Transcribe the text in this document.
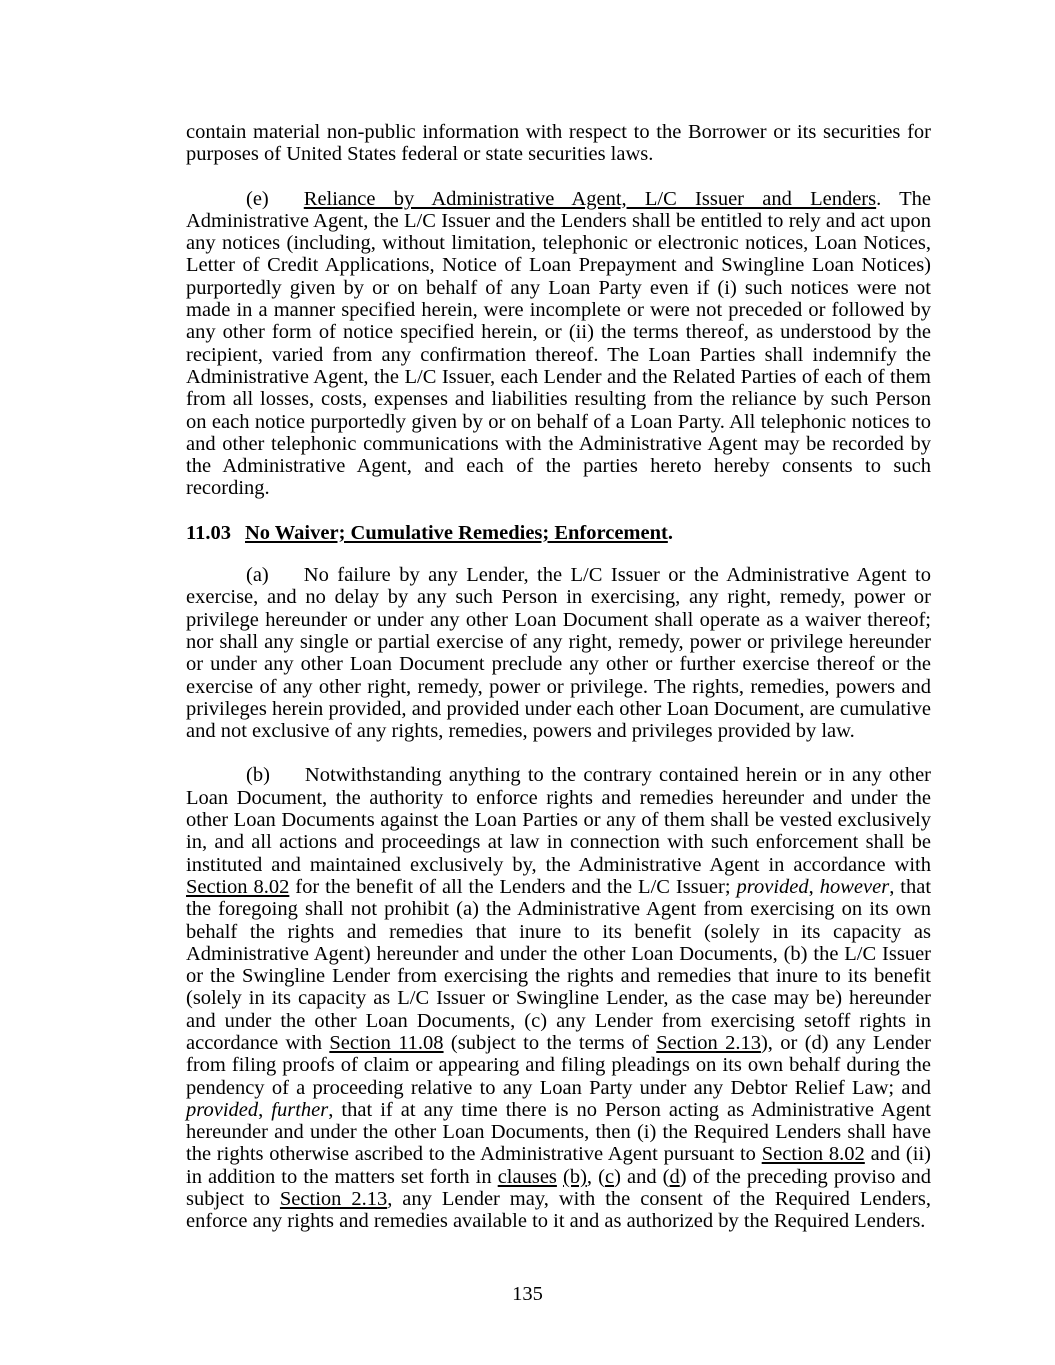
contain material non-public information with respect to the Borrower or its securities for purposes of United States federal or state securities laws.

(e) Reliance by Administrative Agent, L/C Issuer and Lenders. The Administrative Agent, the L/C Issuer and the Lenders shall be entitled to rely and act upon any notices (including, without limitation, telephonic or electronic notices, Loan Notices, Letter of Credit Applications, Notice of Loan Prepayment and Swingline Loan Notices) purportedly given by or on behalf of any Loan Party even if (i) such notices were not made in a manner specified herein, were incomplete or were not preceded or followed by any other form of notice specified herein, or (ii) the terms thereof, as understood by the recipient, varied from any confirmation thereof. The Loan Parties shall indemnify the Administrative Agent, the L/C Issuer, each Lender and the Related Parties of each of them from all losses, costs, expenses and liabilities resulting from the reliance by such Person on each notice purportedly given by or on behalf of a Loan Party. All telephonic notices to and other telephonic communications with the Administrative Agent may be recorded by the Administrative Agent, and each of the parties hereto hereby consents to such recording.

11.03 No Waiver; Cumulative Remedies; Enforcement.

(a) No failure by any Lender, the L/C Issuer or the Administrative Agent to exercise, and no delay by any such Person in exercising, any right, remedy, power or privilege hereunder or under any other Loan Document shall operate as a waiver thereof; nor shall any single or partial exercise of any right, remedy, power or privilege hereunder or under any other Loan Document preclude any other or further exercise thereof or the exercise of any other right, remedy, power or privilege. The rights, remedies, powers and privileges herein provided, and provided under each other Loan Document, are cumulative and not exclusive of any rights, remedies, powers and privileges provided by law.

(b) Notwithstanding anything to the contrary contained herein or in any other Loan Document, the authority to enforce rights and remedies hereunder and under the other Loan Documents against the Loan Parties or any of them shall be vested exclusively in, and all actions and proceedings at law in connection with such enforcement shall be instituted and maintained exclusively by, the Administrative Agent in accordance with Section 8.02 for the benefit of all the Lenders and the L/C Issuer; provided, however, that the foregoing shall not prohibit (a) the Administrative Agent from exercising on its own behalf the rights and remedies that inure to its benefit (solely in its capacity as Administrative Agent) hereunder and under the other Loan Documents, (b) the L/C Issuer or the Swingline Lender from exercising the rights and remedies that inure to its benefit (solely in its capacity as L/C Issuer or Swingline Lender, as the case may be) hereunder and under the other Loan Documents, (c) any Lender from exercising setoff rights in accordance with Section 11.08 (subject to the terms of Section 2.13), or (d) any Lender from filing proofs of claim or appearing and filing pleadings on its own behalf during the pendency of a proceeding relative to any Loan Party under any Debtor Relief Law; and provided, further, that if at any time there is no Person acting as Administrative Agent hereunder and under the other Loan Documents, then (i) the Required Lenders shall have the rights otherwise ascribed to the Administrative Agent pursuant to Section 8.02 and (ii) in addition to the matters set forth in clauses (b), (c) and (d) of the preceding proviso and subject to Section 2.13, any Lender may, with the consent of the Required Lenders, enforce any rights and remedies available to it and as authorized by the Required Lenders.

135
